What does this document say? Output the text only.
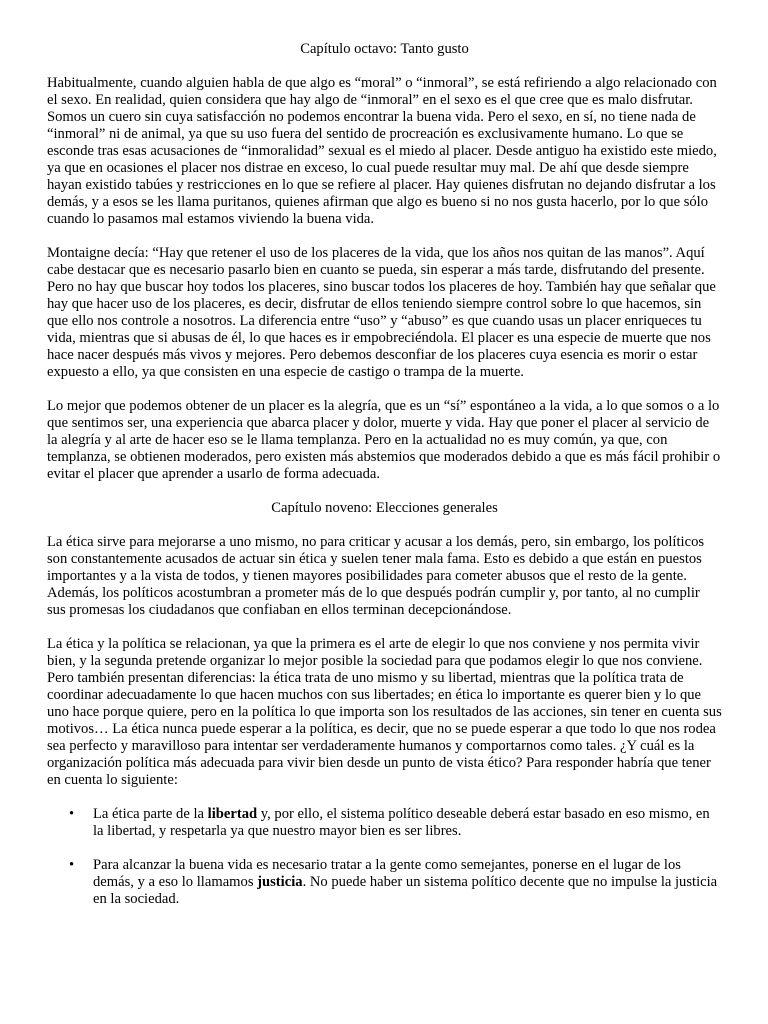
Capítulo octavo: Tanto gusto

Habitualmente, cuando alguien habla de que algo es “moral” o “inmoral”, se está refiriendo a algo relacionado con el sexo. En realidad, quien considera que hay algo de “inmoral” en el sexo es el que cree que es malo disfrutar. Somos un cuero sin cuya satisfacción no podemos encontrar la buena vida. Pero el sexo, en sí, no tiene nada de “inmoral” ni de animal, ya que su uso fuera del sentido de procreación es exclusivamente humano. Lo que se esconde tras esas acusaciones de “inmoralidad” sexual es el miedo al placer. Desde antiguo ha existido este miedo, ya que en ocasiones el placer nos distrae en exceso, lo cual puede resultar muy mal. De ahí que desde siempre hayan existido tabúes y restricciones en lo que se refiere al placer. Hay quienes disfrutan no dejando disfrutar a los demás, y a esos se les llama puritanos, quienes afirman que algo es bueno si no nos gusta hacerlo, por lo que sólo cuando lo pasamos mal estamos viviendo la buena vida.

Montaigne decía: “Hay que retener el uso de los placeres de la vida, que los años nos quitan de las manos”. Aquí cabe destacar que es necesario pasarlo bien en cuanto se pueda, sin esperar a más tarde, disfrutando del presente. Pero no hay que buscar hoy todos los placeres, sino buscar todos los placeres de hoy. También hay que señalar que hay que hacer uso de los placeres, es decir, disfrutar de ellos teniendo siempre control sobre lo que hacemos, sin que ello nos controle a nosotros. La diferencia entre “uso” y “abuso” es que cuando usas un placer enriqueces tu vida, mientras que si abusas de él, lo que haces es ir empobreciéndola. El placer es una especie de muerte que nos hace nacer después más vivos y mejores. Pero debemos desconfiar de los placeres cuya esencia es morir o estar expuesto a ello, ya que consisten en una especie de castigo o trampa de la muerte.

Lo mejor que podemos obtener de un placer es la alegría, que es un “sí” espontáneo a la vida, a lo que somos o a lo que sentimos ser, una experiencia que abarca placer y dolor, muerte y vida. Hay que poner el placer al servicio de la alegría y al arte de hacer eso se le llama templanza. Pero en la actualidad no es muy común, ya que, con templanza, se obtienen moderados, pero existen más abstemios que moderados debido a que es más fácil prohibir o evitar el placer que aprender a usarlo de forma adecuada.

Capítulo noveno: Elecciones generales

La ética sirve para mejorarse a uno mismo, no para criticar y acusar a los demás, pero, sin embargo, los políticos son constantemente acusados de actuar sin ética y suelen tener mala fama. Esto es debido a que están en puestos importantes y a la vista de todos, y tienen mayores posibilidades para cometer abusos que el resto de la gente. Además, los políticos acostumbran a prometer más de lo que después podrán cumplir y, por tanto, al no cumplir sus promesas los ciudadanos que confiaban en ellos terminan decepcionándose.

La ética y la política se relacionan, ya que la primera es el arte de elegir lo que nos conviene y nos permita vivir bien, y la segunda pretende organizar lo mejor posible la sociedad para que podamos elegir lo que nos conviene. Pero también presentan diferencias: la ética trata de uno mismo y su libertad, mientras que la política trata de coordinar adecuadamente lo que hacen muchos con sus libertades; en ética lo importante es querer bien y lo que uno hace porque quiere, pero en la política lo que importa son los resultados de las acciones, sin tener en cuenta sus motivos… La ética nunca puede esperar a la política, es decir, que no se puede esperar a que todo lo que nos rodea sea perfecto y maravilloso para intentar ser verdaderamente humanos y comportarnos como tales. ¿Y cuál es la organización política más adecuada para vivir bien desde un punto de vista ético? Para responder habría que tener en cuenta lo siguiente:

• La ética parte de la libertad y, por ello, el sistema político deseable deberá estar basado en eso mismo, en la libertad, y respetarla ya que nuestro mayor bien es ser libres.
• Para alcanzar la buena vida es necesario tratar a la gente como semejantes, ponerse en el lugar de los demás, y a eso lo llamamos justicia. No puede haber un sistema político decente que no impulse la justicia en la sociedad.
